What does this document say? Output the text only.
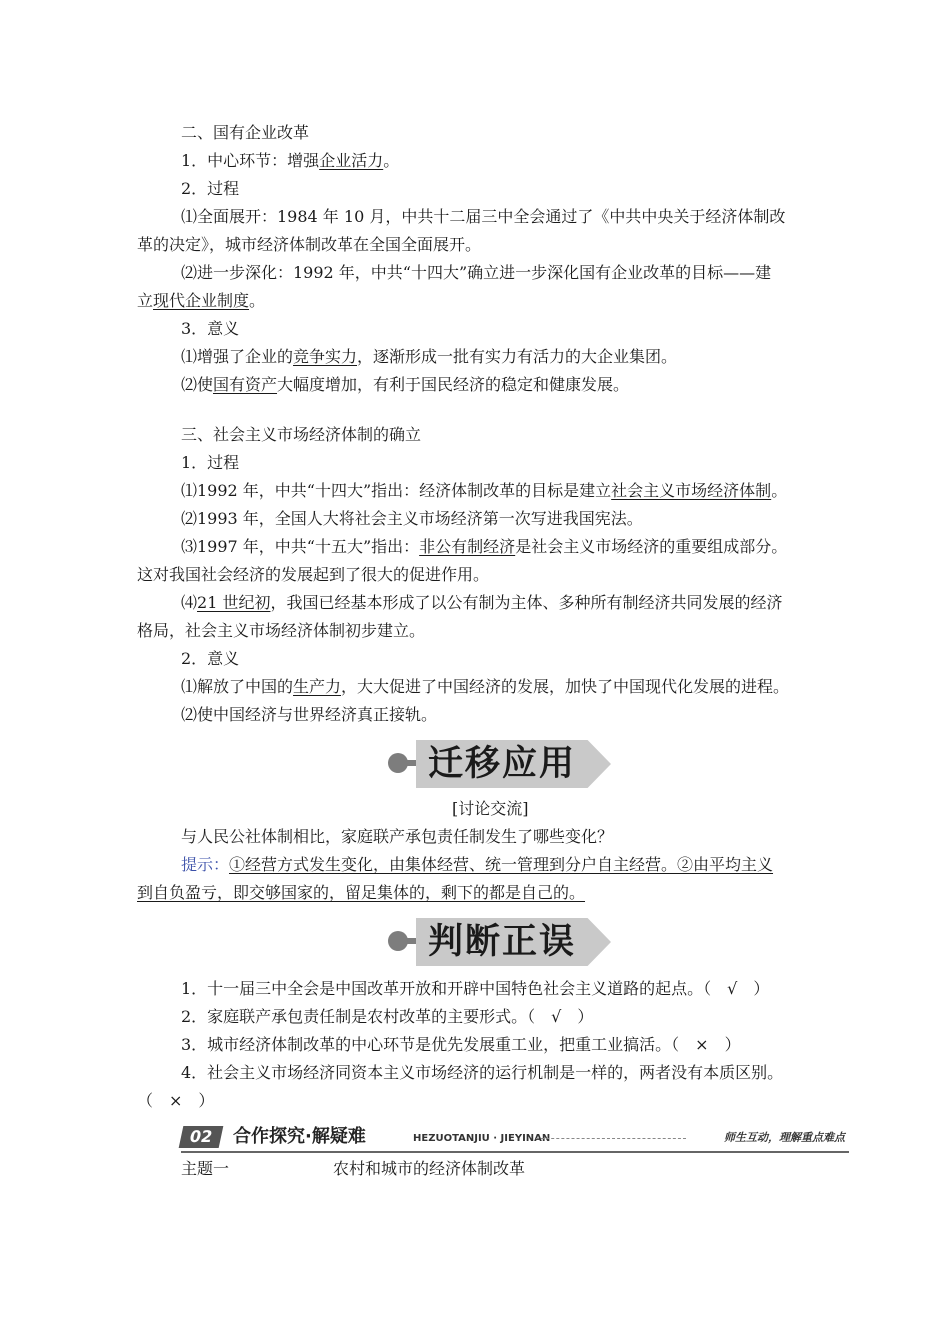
二、国有企业改革
1．中心环节：增强企业活力。
2．过程
⑴全面展开：1984 年 10 月，中共十二届三中全会通过了《中共中央关于经济体制改
革的决定》，城市经济体制改革在全国全面展开。
⑵进一步深化：1992 年，中共“十四大”确立进一步深化国有企业改革的目标——建
立现代企业制度。
3．意义
⑴增强了企业的竞争实力，逐渐形成一批有实力有活力的大企业集团。
⑵使国有资产大幅度增加，有利于国民经济的稳定和健康发展。
三、社会主义市场经济体制的确立
1．过程
⑴1992 年，中共“十四大”指出：经济体制改革的目标是建立社会主义市场经济体制。
⑵1993 年，全国人大将社会主义市场经济第一次写进我国宪法。
⑶1997 年，中共“十五大”指出：非公有制经济是社会主义市场经济的重要组成部分。
这对我国社会经济的发展起到了很大的促进作用。
⑷21 世纪初，我国已经基本形成了以公有制为主体、多种所有制经济共同发展的经济
格局，社会主义市场经济体制初步建立。
2．意义
⑴解放了中国的生产力，大大促进了中国经济的发展，加快了中国现代化发展的进程。
⑵使中国经济与世界经济真正接轨。
迁移应用
[讨论交流]
与人民公社体制相比，家庭联产承包责任制发生了哪些变化？
提示：①经营方式发生变化，由集体经营、统一管理到分户自主经营。②由平均主义
到自负盈亏，即交够国家的，留足集体的，剩下的都是自己的。
判断正误
1．十一届三中全会是中国改革开放和开辟中国特色社会主义道路的起点。（　√　）
2．家庭联产承包责任制是农村改革的主要形式。（　√　）
3．城市经济体制改革的中心环节是优先发展重工业，把重工业搞活。（　×　）
4．社会主义市场经济同资本主义市场经济的运行机制是一样的，两者没有本质区别。
（　×　）
02	合作探究·解疑难	HEZUOTANJIU · JIEYINAN	师生互动，理解重点难点
主题一	农村和城市的经济体制改革
